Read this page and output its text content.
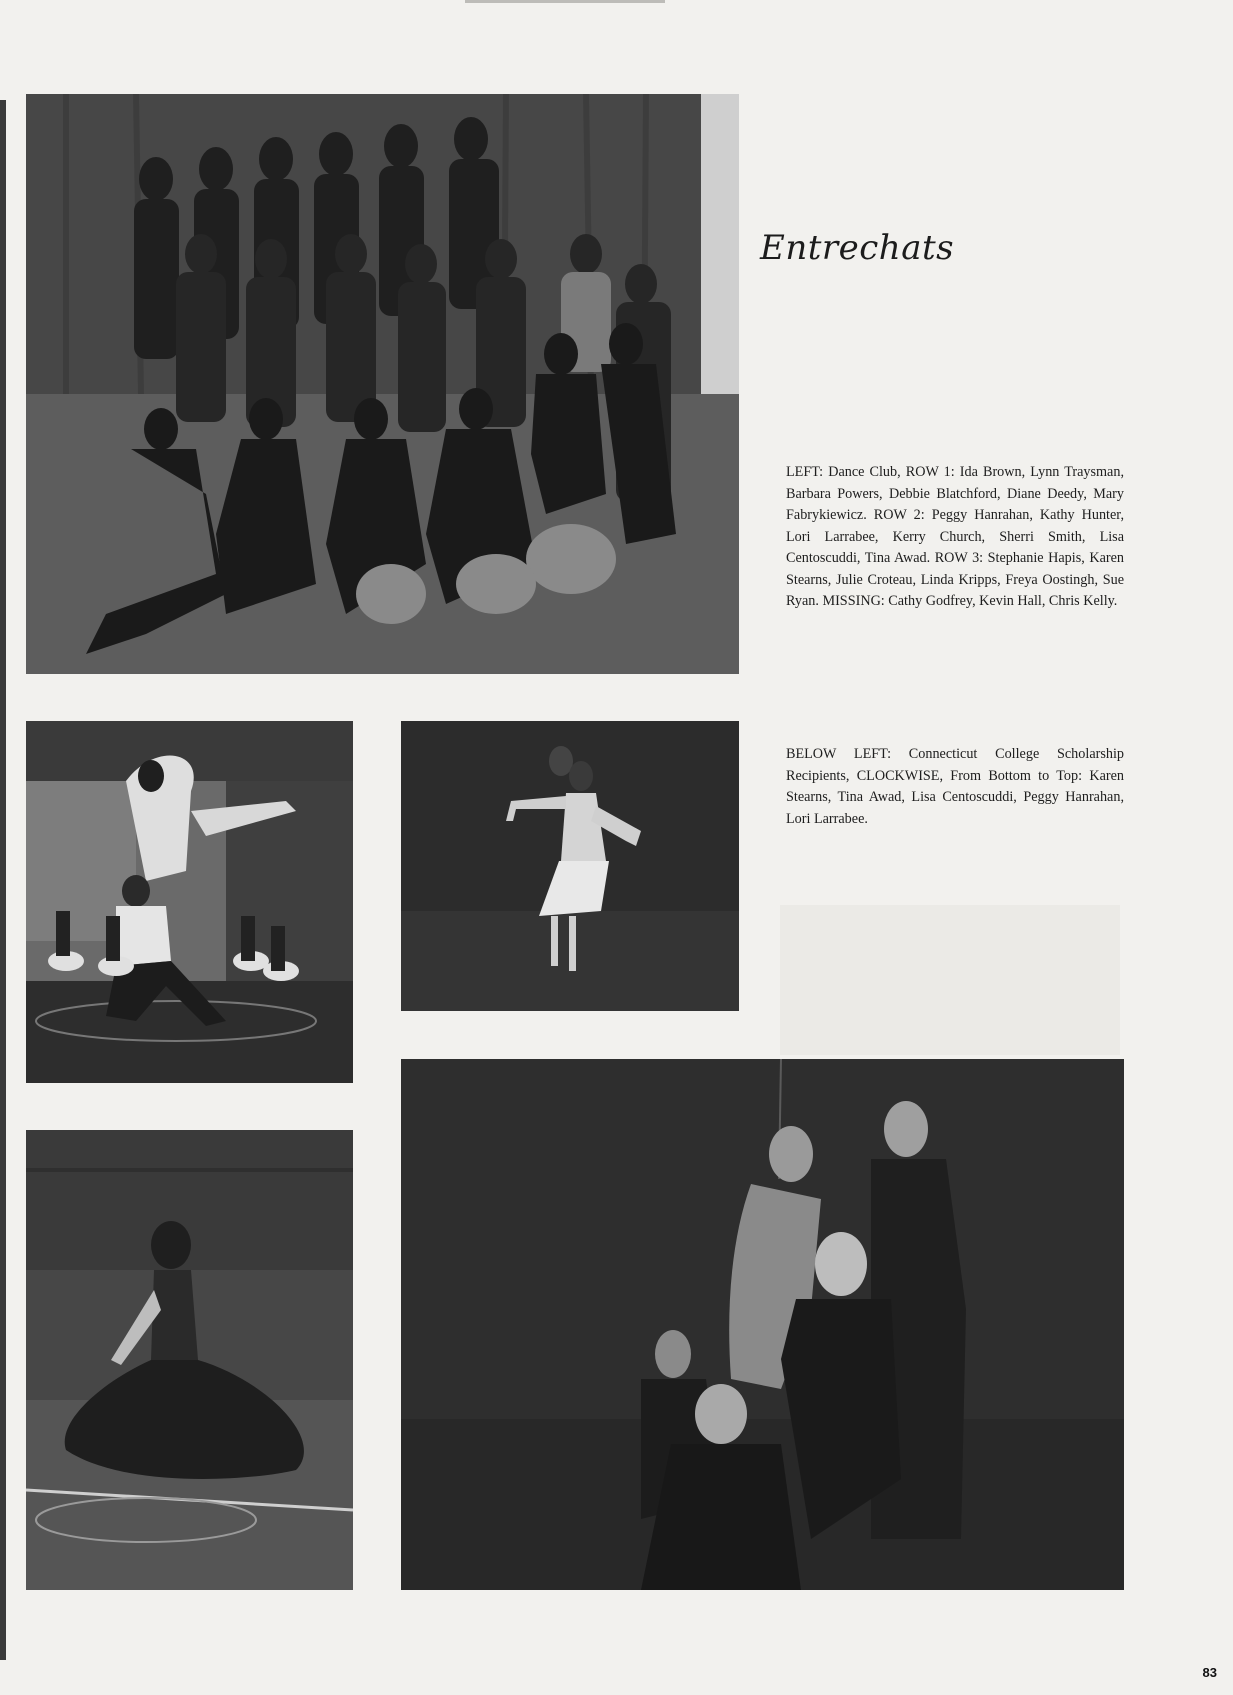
Entrechats

LEFT: Dance Club, ROW 1: Ida Brown, Lynn Traysman, Barbara Powers, Debbie Blatchford, Diane Deedy, Mary Fabrykiewicz. ROW 2: Peggy Hanrahan, Kathy Hunter, Lori Larrabee, Kerry Church, Sherri Smith, Lisa Centoscuddi, Tina Awad. ROW 3: Stephanie Hapis, Karen Stearns, Julie Croteau, Linda Kripps, Freya Oostingh, Sue Ryan. MISSING: Cathy Godfrey, Kevin Hall, Chris Kelly.

BELOW LEFT: Connecticut College Scholarship Recipients, CLOCKWISE, From Bottom to Top: Karen Stearns, Tina Awad, Lisa Centoscuddi, Peggy Hanrahan, Lori Larrabee.

83
